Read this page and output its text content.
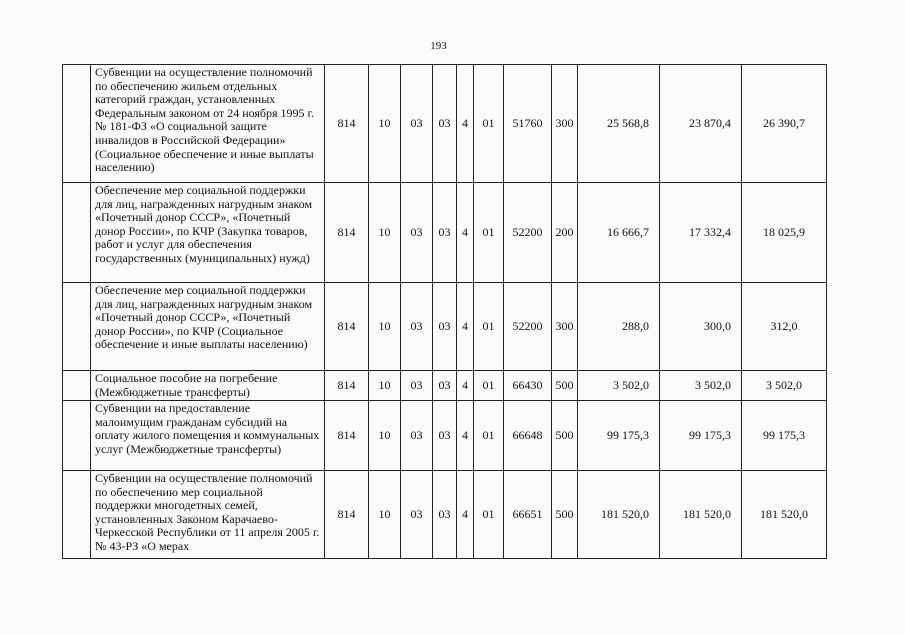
193
	Субвенции на осуществление полномочий по обеспечению жильем отдельных категорий граждан, установленных Федеральным законом от 24 ноября 1995 г. № 181-ФЗ «О социальной защите инвалидов в Российской Федерации» (Социальное обеспечение и иные выплаты населению)	814	10	03	03	4	01	51760	300	25 568,8	23 870,4	26 390,7
	Обеспечение мер социальной поддержки для лиц, награжденных нагрудным знаком «Почетный донор СССР», «Почетный донор России», по КЧР (Закупка товаров, работ и услуг для обеспечения государственных (муниципальных) нужд)	814	10	03	03	4	01	52200	200	16 666,7	17 332,4	18 025,9
	Обеспечение мер социальной поддержки для лиц, награжденных нагрудным знаком «Почетный донор СССР», «Почетный донор России», по КЧР (Социальное обеспечение и иные выплаты населению)	814	10	03	03	4	01	52200	300	288,0	300,0	312,0
	Социальное пособие на погребение (Межбюджетные трансферты)	814	10	03	03	4	01	66430	500	3 502,0	3 502,0	3 502,0
	Субвенции на предоставление малоимущим гражданам субсидий на оплату жилого помещения и коммунальных услуг (Межбюджетные трансферты)	814	10	03	03	4	01	66648	500	99 175,3	99 175,3	99 175,3
	Субвенции на осуществление полномочий по обеспечению мер социальной поддержки многодетных семей, установленных Законом Карачаево-Черкесской Республики от 11 апреля 2005 г. № 43-РЗ «О мерах	814	10	03	03	4	01	66651	500	181 520,0	181 520,0	181 520,0
